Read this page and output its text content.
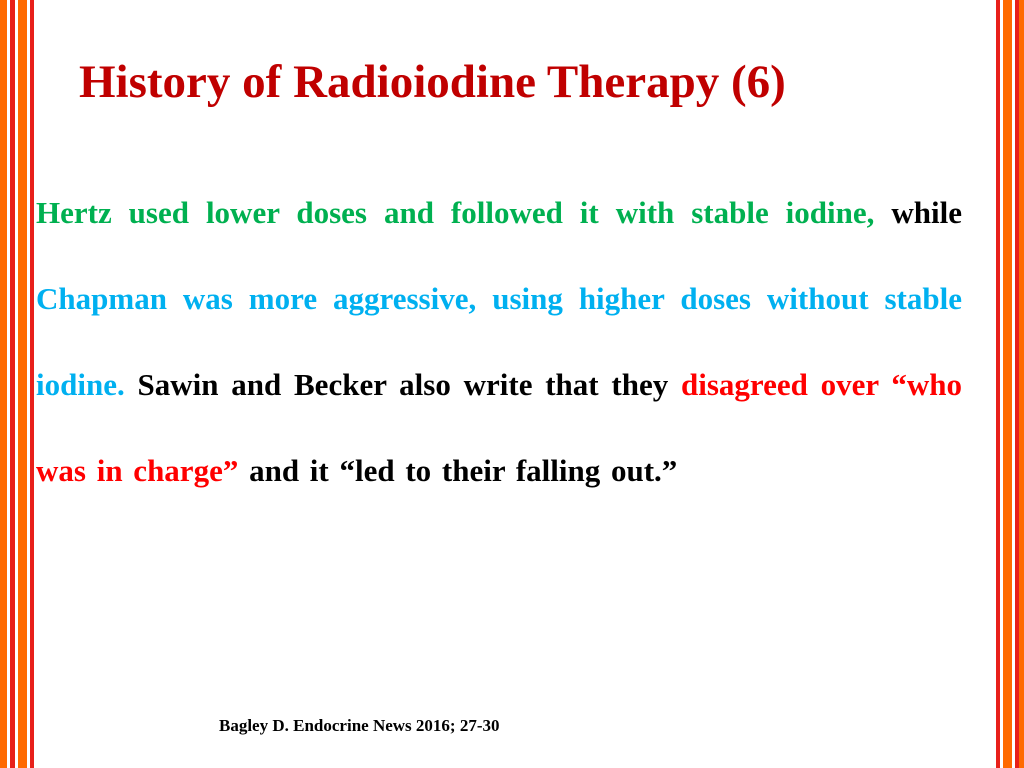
History of Radioiodine Therapy (6)

Hertz used lower doses and followed it with stable iodine, while Chapman was more aggressive, using higher doses without stable iodine. Sawin and Becker also write that they disagreed over “who was in charge” and it “led to their falling out.”

Bagley D. Endocrine News 2016; 27-30
